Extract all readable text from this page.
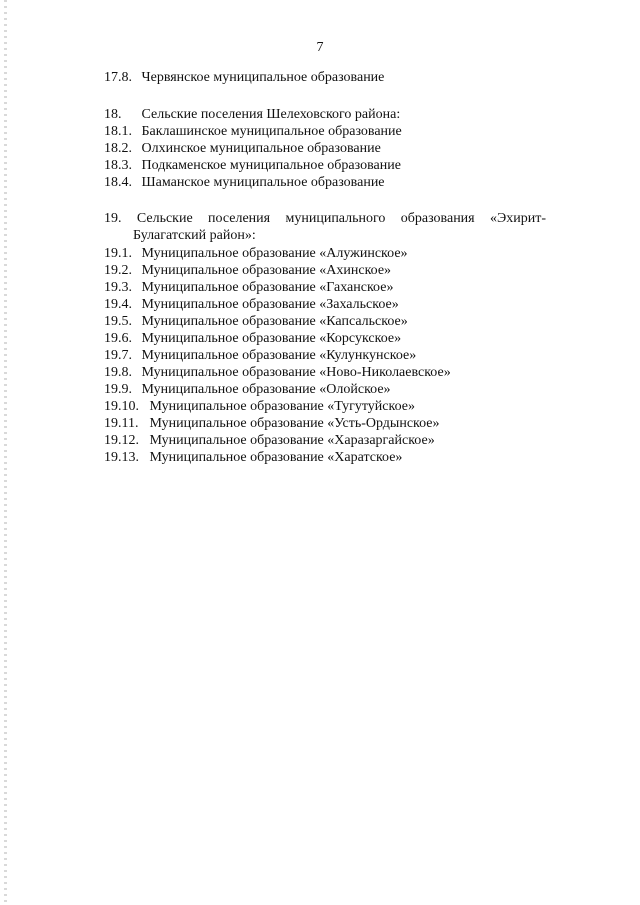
7
17.8. Червянское муниципальное образование
18. Сельские поселения Шелеховского района:
18.1. Баклашинское муниципальное образование
18.2. Олхинское муниципальное образование
18.3. Подкаменское муниципальное образование
18.4. Шаманское муниципальное образование
19. Сельские поселения муниципального образования «Эхирит-
Булагатский район»:
19.1. Муниципальное образование «Алужинское»
19.2. Муниципальное образование «Ахинское»
19.3. Муниципальное образование «Гаханское»
19.4. Муниципальное образование «Захальское»
19.5. Муниципальное образование «Капсальское»
19.6. Муниципальное образование «Корсукское»
19.7. Муниципальное образование «Кулункунское»
19.8. Муниципальное образование «Ново-Николаевское»
19.9. Муниципальное образование «Олойское»
19.10. Муниципальное образование «Тугутуйское»
19.11. Муниципальное образование «Усть-Ордынское»
19.12. Муниципальное образование «Харазаргайское»
19.13. Муниципальное образование «Харатское»
